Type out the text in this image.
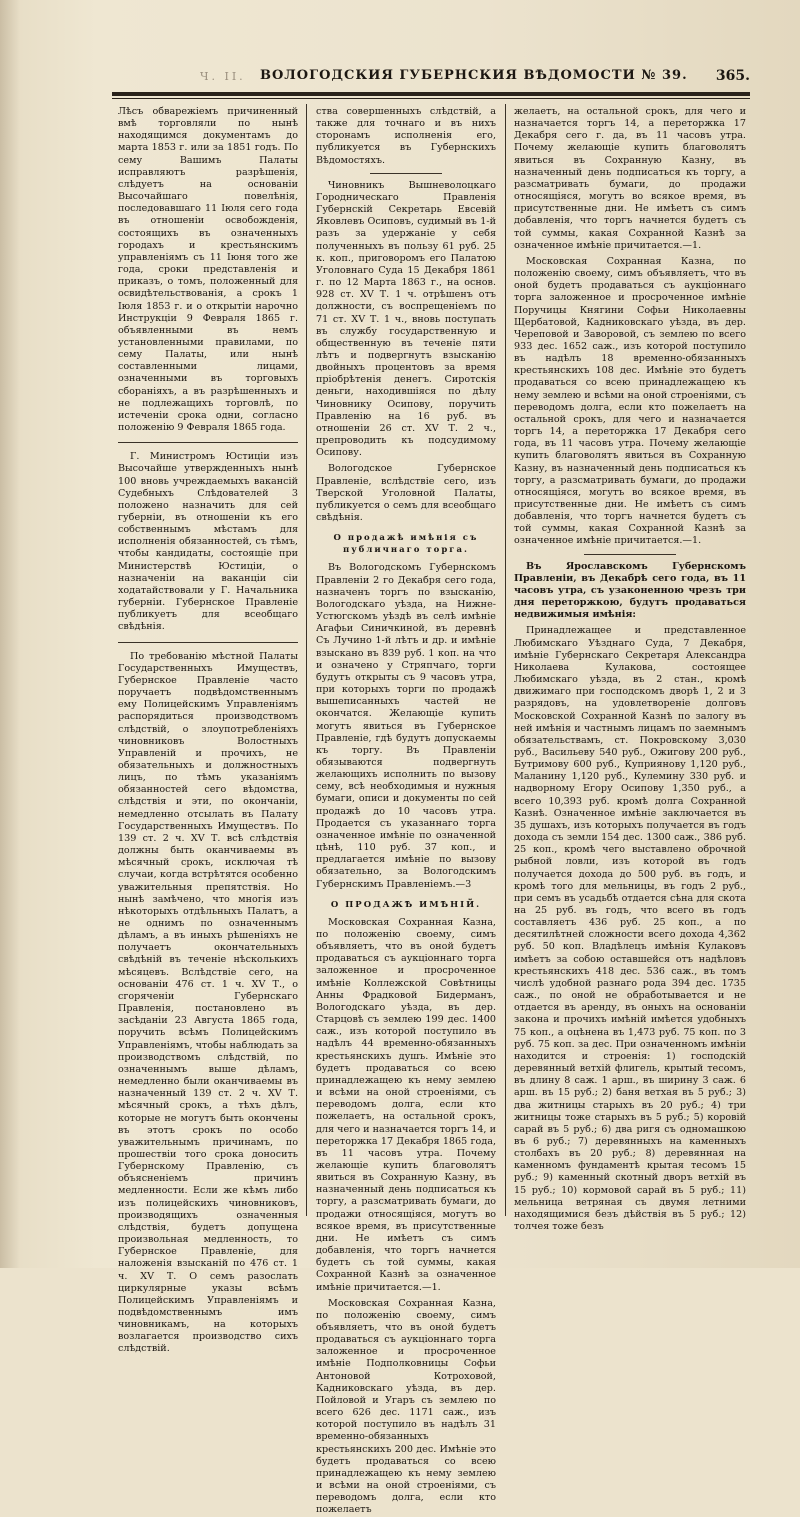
Ч. II. ВОЛОГОДСКИЯ ГУБЕРНСКИЯ ВѢДОМОСТИ № 39. 365.

Лѣсъ обварежіемъ причиненный вмѣ торговляли по нынѣ находящимся документамъ до марта 1853 г. или за 1851 годъ. По сему Вашимъ Палаты исправляютъ разрѣшенія, слѣдуетъ на основаніи Высочайшаго повелѣнія, последовавшаго 11 Іюля сего года въ отношеніи освобожденія, состоящихъ въ означенныхъ городахъ и крестьянскимъ управленіямъ съ 11 Іюня того же года, сроки представленія и приказъ, о томъ, положенный для освидѣтельствованія, а срокъ 1 Іюля 1853 г. и о открытіи нарочно Инструкціи 9 Февраля 1865 г. объявленными въ немъ установленными правилами, по сему Палаты, или нынѣ составленными лицами, означенными въ торговыхъ сбораніяхъ, а въ разрѣшенныхъ и не подлежащихъ торговлѣ, по истеченіи срока одни, согласно положенію 9 Февраля 1865 года.

Г. Министромъ Юстиціи изъ Высочайше утвержденныхъ нынѣ 100 вновь учреждаемыхъ вакансій Судебныхъ Слѣдователей 3 положено назначить для сей губерніи, въ отношеніи къ его собственнымъ мѣстамъ для исполненія обязанностей, съ тѣмъ, чтобы кандидаты, состоящіе при Министерствѣ Юстиціи, о назначеніи на ваканціи сіи ходатайствовали у Г. Начальника губерніи. Губернское Правленіе публикуетъ для всеобщаго свѣдѣнія.

По требованію мѣстной Палаты Государственныхъ Имуществъ, Губернское Правленіе часто поручаетъ подвѣдомственнымъ ему Полицейскимъ Управленіямъ распорядиться производствомъ слѣдствій, о злоупотребленіяхъ чиновниковъ Волостныхъ Управленій и прочихъ, не обязательныхъ и должностныхъ лицъ, по тѣмъ указаніямъ обязанностей сего вѣдомства, слѣдствія и эти, по окончаніи, немедленно отсылать въ Палату Государственныхъ Имуществъ. По 139 ст. 2 ч. XV Т. всѣ слѣдствія должны быть оканчиваемы въ мѣсячный срокъ, исключая тѣ случаи, когда встрѣтятся особенно уважительныя препятствія. Но нынѣ замѣчено, что многія изъ нѣкоторыхъ отдѣльныхъ Палатъ, а не однимъ по означеннымъ дѣламъ, а въ иныхъ рѣшеніяхъ не получаетъ окончательныхъ свѣдѣній въ теченіе нѣсколькихъ мѣсяцевъ. Вслѣдствіе сего, на основаніи 476 ст. 1 ч. XV Т., о сгоряченіи Губернскаго Правленія, постановлено въ засѣданіи 23 Августа 1865 года, поручить всѣмъ Полицейскимъ Управленіямъ, чтобы наблюдать за производствомъ слѣдствій, по означеннымъ выше дѣламъ, немедленно были оканчиваемы въ назначенный 139 ст. 2 ч. XV Т. мѣсячный срокъ, а тѣхъ дѣлъ, которые не могутъ быть окончены въ этотъ срокъ по особо уважительнымъ причинамъ, по прошествіи того срока доносить Губернскому Правленію, съ объясненіемъ причинъ медленности. Если же кѣмъ либо изъ полицейскихъ чиновниковъ, производящихъ означенныя слѣдствія, будетъ допущена произвольная медленность, то Губернское Правленіе, для наложенія взысканій по 476 ст. 1 ч. XV Т. О семъ разослать циркулярные указы всѣмъ Полицейскимъ Управленіямъ и подвѣдомственнымъ имъ чиновникамъ, на которыхъ возлагается производство сихъ слѣдствій.

ства совершенныхъ слѣдствій, а также для точнаго и въ нихъ сторонамъ исполненія его, публикуется въ Губернскихъ Вѣдомостяхъ.

Чиновникъ Вышневолоцкаго Городническаго Правленія Губернскій Секретарь Евсевій Яковлевъ Осиповъ, судимый въ 1-й разъ за удержаніе у себя полученныхъ въ пользу 61 руб. 25 к. коп., приговоромъ его Палатою Уголовнаго Суда 15 Декабря 1861 г. по 12 Марта 1863 г., на основ. 928 ст. XV Т. 1 ч. отрѣшенъ отъ должности, съ воспрещеніемъ по 71 ст. XV Т. 1 ч., вновь поступать въ службу государственную и общественную въ теченіе пяти лѣтъ и подвергнутъ взысканію двойныхъ процентовъ за время пріобрѣтенія денегъ. Сиротскія деньги, находившіяся по дѣлу Чиновнику Осипову, поручить Правленію на 16 руб. въ отношеніи 26 ст. XV Т. 2 ч., препроводить къ подсудимому Осипову.

Вологодское Губернское Правленіе, вслѣдствіе сего, изъ Тверской Уголовной Палаты, публикуется о семъ для всеобщаго свѣдѣнія.

О продажѣ имѣнія съ публичнаго торга.

Въ Вологодскомъ Губернскомъ Правленіи 2 го Декабря сего года, назначенъ торгъ по взысканію, Вологодскаго уѣзда, на Нижне-Устюгскомъ уѣздѣ въ селѣ имѣніе Агафьи Синичкиной, въ деревнѣ Съ Лучино 1-й лѣтъ и др. и имѣніе взыскано въ 839 руб. 1 коп. на что и означено у Стряпчаго, торги будутъ открыты съ 9 часовъ утра, при которыхъ торги по продажѣ вышеписанныхъ частей не окончатся. Желающіе купить могутъ явиться въ Губернское Правленіе, гдѣ будутъ допускаемы къ торгу. Въ Правленіи обязываются подвергнуть желающихъ исполнить по вызову сему, всѣ необходимыя и нужныя бумаги, описи и документы по сей продажѣ до 10 часовъ утра. Продается съ указаннаго торга означенное имѣніе по означенной цѣнѣ, 110 руб. 37 коп., и предлагается имѣніе по вызову обязательно, за Вологодскимъ Губернскимъ Правленіемъ.—3

О ПРОДАЖѢ ИМѢНІЙ.

Московская Сохранная Казна, по положенію своему, симъ объявляетъ, что въ оной будетъ продаваться съ аукціоннаго торга заложенное и просроченное имѣніе Коллежской Совѣтницы Анны Фрадковой Бидерманъ, Вологодскаго уѣзда, въ дер. Старцовѣ съ землею 199 дес. 1400 саж., изъ которой поступило въ надѣлъ 44 временно-обязанныхъ крестьянскихъ душъ. Имѣніе это будетъ продаваться со всею принадлежащею къ нему землею и всѣми на оной строеніями, съ переводомъ долга, если кто пожелаетъ, на остальной срокъ, для чего и назначается торгъ 14, и переторжка 17 Декабря 1865 года, въ 11 часовъ утра. Почему желающіе купить благоволятъ явиться въ Сохранную Казну, въ назначенный день подписаться къ торгу, а разсматривать бумаги, до продажи относящіяся, могутъ во всякое время, въ присутственные дни. Не имѣетъ съ симъ добавленія, что торгъ начнется будетъ съ той суммы, какая Сохранной Казнѣ за означенное имѣніе причитается.—1.

Московская Сохранная Казна, по положенію своему, симъ объявляетъ, что въ оной будетъ продаваться съ аукціоннаго торга заложенное и просроченное имѣніе Подполковницы Софьи Антоновой Котроховой, Кадниковскаго уѣзда, въ дер. Пойловой и Угаръ съ землею по всего 626 дес. 1171 саж., изъ которой поступило въ надѣлъ 31 временно-обязанныхъ крестьянскихъ 200 дес. Имѣніе это будетъ продаваться со всею принадлежащею къ нему землею и всѣми на оной строеніями, съ переводомъ долга, если кто пожелаетъ

желаетъ, на остальной срокъ, для чего и назначается торгъ 14, а переторжка 17 Декабря сего г. да, въ 11 часовъ утра. Почему желающіе купить благоволятъ явиться въ Сохранную Казну, въ назначенный день подписаться къ торгу, а разсматривать бумаги, до продажи относящіяся, могутъ во всякое время, въ присутственные дни. Не имѣетъ съ симъ добавленія, что торгъ начнется будетъ съ той суммы, какая Сохранной Казнѣ за означенное имѣніе причитается.—1.

Московская Сохранная Казна, по положенію своему, симъ объявляетъ, что въ оной будетъ продаваться съ аукціоннаго торга заложенное и просроченное имѣніе Поручицы Княгини Софьи Николаевны Щербатовой, Кадниковскаго уѣзда, въ дер. Череповой и Заворовой, съ землею по всего 933 дес. 1652 саж., изъ которой поступило въ надѣлъ 18 временно-обязанныхъ крестьянскихъ 108 дес. Имѣніе это будетъ продаваться со всею принадлежащею къ нему землею и всѣми на оной строеніями, съ переводомъ долга, если кто пожелаетъ на остальной срокъ, для чего и назначается торгъ 14, а переторжка 17 Декабря сего года, въ 11 часовъ утра. Почему желающіе купить благоволятъ явиться въ Сохранную Казну, въ назначенный день подписаться къ торгу, а разсматривать бумаги, до продажи относящіяся, могутъ во всякое время, въ присутственные дни. Не имѣетъ съ симъ добавленія, что торгъ начнется будетъ съ той суммы, какая Сохранной Казнѣ за означенное имѣніе причитается.—1.

Въ Ярославскомъ Губернскомъ Правленіи, въ Декабрѣ сего года, въ 11 часовъ утра, съ узаконенною чрезъ три дня переторжкою, будутъ продаваться недвижимыя имѣнія:

Принадлежащее и представленное Любимскаго Уѣзднаго Суда, 7 Декабря, имѣніе Губернскаго Секретаря Александра Николаева Кулакова, состоящее Любимскаго уѣзда, въ 2 стан., кромѣ движимаго при господскомъ дворѣ 1, 2 и 3 разрядовъ, на удовлетвореніе долговъ Московской Сохранной Казнѣ по залогу въ ней имѣнія и частнымъ лицамъ по заемнымъ обязательствамъ, ст. Покровскому 3,030 руб., Васильеву 540 руб., Ожигову 200 руб., Бутримову 600 руб., Куприянову 1,120 руб., Маланину 1,120 руб., Кулемину 330 руб. и надворному Егору Осипову 1,350 руб., а всего 10,393 руб. кромѣ долга Сохранной Казнѣ. Означенное имѣніе заключается въ 35 душахъ, изъ которыхъ получается въ годъ дохода съ земли 154 дес. 1300 саж., 386 руб. 25 коп., кромѣ чего выставлено оброчной рыбной ловли, изъ которой въ годъ получается дохода до 500 руб. въ годъ, и кромѣ того для мельницы, въ годъ 2 руб., при семъ въ усадьбѣ отдается сѣна для скота на 25 руб. въ годъ, что всего въ годъ составляетъ 436 руб. 25 коп., а по десятилѣтней сложности всего дохода 4,362 руб. 50 коп. Владѣлецъ имѣнія Кулаковъ имѣетъ за собою оставшейся отъ надѣловъ крестьянскихъ 418 дес. 536 саж., въ томъ числѣ удобной разнаго рода 394 дес. 1735 саж., по оной не обработывается и не отдается въ аренду, въ оныхъ на основаніи закона и прочихъ имѣній имѣется удобныхъ 75 коп., а оцѣнена въ 1,473 руб. 75 коп. по 3 руб. 75 коп. за дес. При означенномъ имѣніи находится и строенія: 1) господскій деревянный ветхій флигель, крытый тесомъ, въ длину 8 саж. 1 арш., въ ширину 3 саж. 6 арш. въ 15 руб.; 2) баня ветхая въ 5 руб.; 3) два житницы старыхъ въ 20 руб.; 4) три житницы тоже старыхъ въ 5 руб.; 5) коровій сарай въ 5 руб.; 6) два ригя съ одномашкою въ 6 руб.; 7) деревянныхъ на каменныхъ столбахъ въ 20 руб.; 8) деревянная на каменномъ фундаментѣ крытая тесомъ 15 руб.; 9) каменный скотный дворъ ветхій въ 15 руб.; 10) кормовой сарай въ 5 руб.; 11) мельница ветряная съ двумя летними находящимися безъ дѣйствія въ 5 руб.; 12) толчея тоже безъ
